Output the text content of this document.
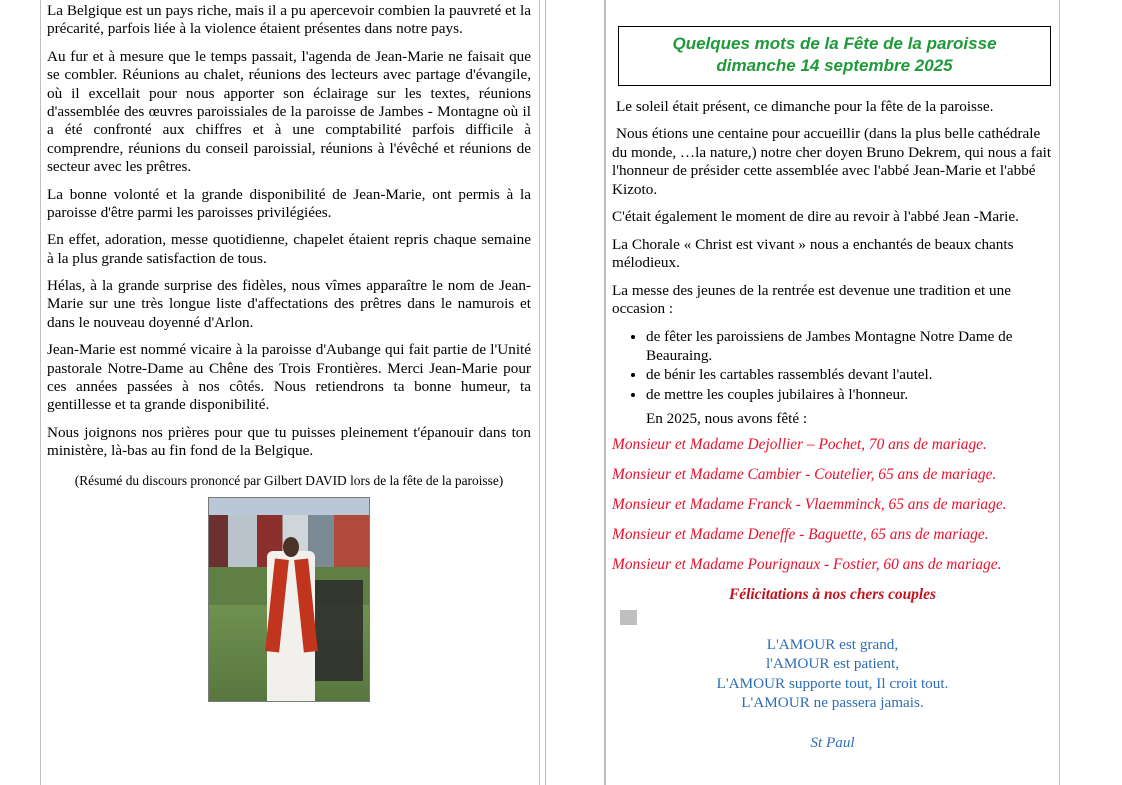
La Belgique est un pays riche, mais il a pu apercevoir combien la pauvreté et la précarité, parfois liée à la violence étaient présentes dans notre pays.

Au fur et à mesure que le temps passait, l'agenda de Jean-Marie ne faisait que se combler. Réunions au chalet, réunions des lecteurs avec partage d'évangile, où il excellait pour nous apporter son éclairage sur les textes, réunions d'assemblée des œuvres paroissiales de la paroisse de Jambes - Montagne où il a été confronté aux chiffres et à une comptabilité parfois difficile à comprendre, réunions du conseil paroissial, réunions à l'évêché et réunions de secteur avec les prêtres.

La bonne volonté et la grande disponibilité de Jean-Marie, ont permis à la paroisse d'être parmi les paroisses privilégiées.

En effet, adoration, messe quotidienne, chapelet étaient repris chaque semaine à la plus grande satisfaction de tous.

Hélas, à la grande surprise des fidèles, nous vîmes apparaître le nom de Jean-Marie sur une très longue liste d'affectations des prêtres dans le namurois et dans le nouveau doyenné d'Arlon.

Jean-Marie est nommé vicaire à la paroisse d'Aubange qui fait partie de l'Unité pastorale Notre-Dame au Chêne des Trois Frontières. Merci Jean-Marie pour ces années passées à nos côtés. Nous retiendrons ta bonne humeur, ta gentillesse et ta grande disponibilité.

Nous joignons nos prières pour que tu puisses pleinement t'épanouir dans ton ministère, là-bas au fin fond de la Belgique.

(Résumé du discours prononcé par Gilbert DAVID lors de la fête de la paroisse)
Quelques mots de la Fête de la paroisse
dimanche 14 septembre 2025

Le soleil était présent, ce dimanche pour la fête de la paroisse.

Nous étions une centaine pour accueillir (dans la plus belle cathédrale du monde, …la nature,) notre cher doyen Bruno Dekrem, qui nous a fait l'honneur de présider cette assemblée avec l'abbé Jean-Marie et l'abbé Kizoto.

C'était également le moment de dire au revoir à l'abbé Jean -Marie.

La Chorale « Christ est vivant » nous a enchantés de beaux chants mélodieux.

La messe des jeunes de la rentrée est devenue une tradition et une occasion :

• de fêter les paroissiens de Jambes Montagne Notre Dame de Beauraing.
• de bénir les cartables rassemblés devant l'autel.
• de mettre les couples jubilaires à l'honneur.
En 2025, nous avons fêté :

Monsieur et Madame Dejollier – Pochet, 70 ans de mariage.

Monsieur et Madame Cambier - Coutelier, 65 ans de mariage.

Monsieur et Madame Franck - Vlaemminck, 65 ans de mariage.

Monsieur et Madame Deneffe - Baguette, 65 ans de mariage.

Monsieur et Madame Pourignaux - Fostier, 60 ans de mariage.

Félicitations à nos chers couples
L'AMOUR est grand,
l'AMOUR est patient,
L'AMOUR supporte tout, Il croit tout.
L'AMOUR ne passera jamais.
St Paul
